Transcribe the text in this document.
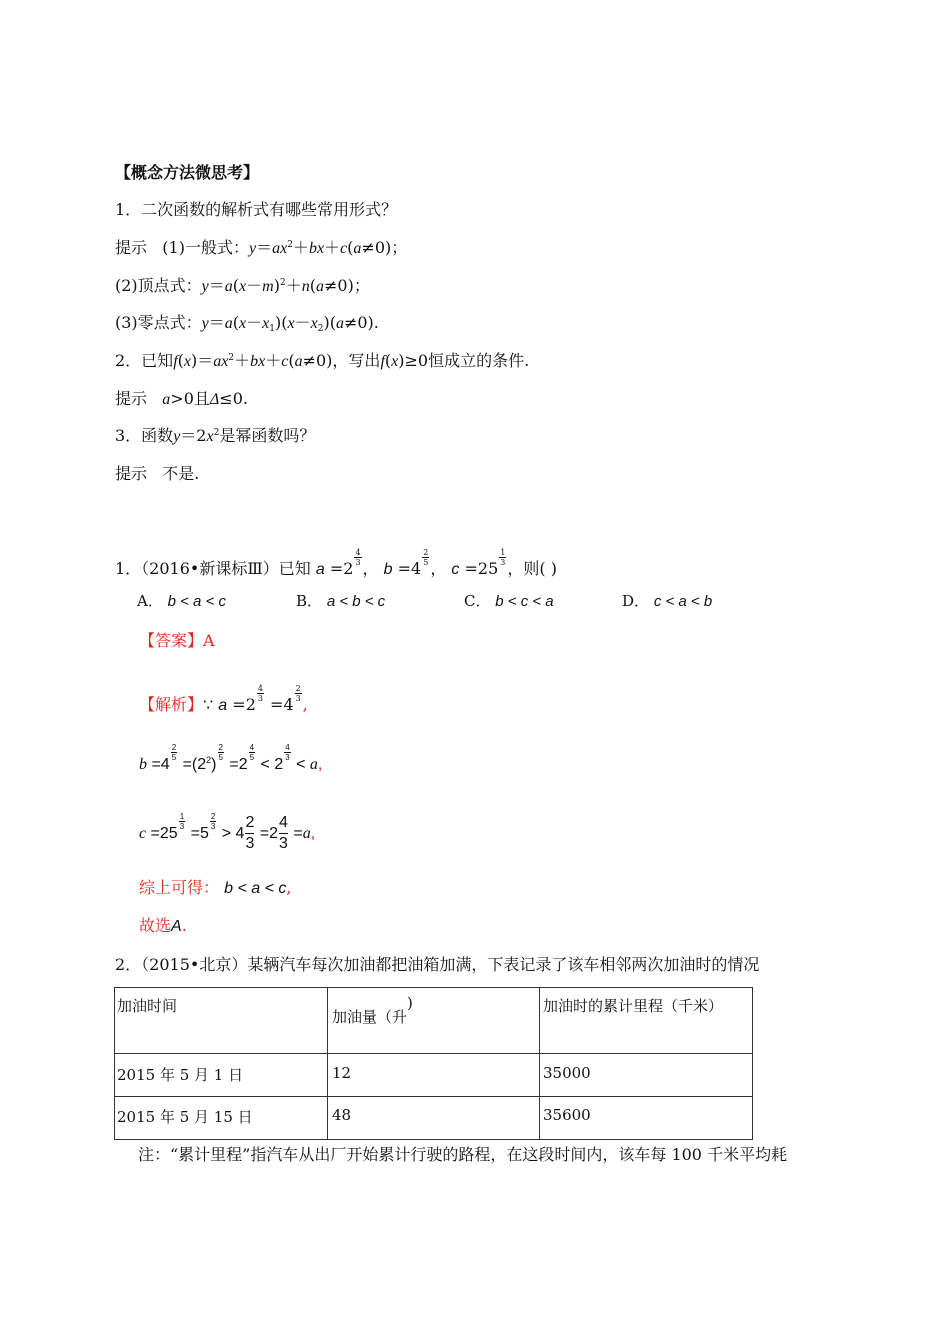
【概念方法微思考】
1．二次函数的解析式有哪些常用形式？
提示 (1)一般式：$y=ax^2+bx+c(a\ne 0)$；
(2)顶点式：$y=a(x-m)^2+n(a\ne 0)$；
(3)零点式：$y=a(x-x_1)(x-x_2)(a\ne 0)$.
2．已知$f(x)=ax^2+bx+c(a\ne 0)$，写出f(x)≥0恒成立的条件.
提示 a>0且Δ≤0.
3．函数$y=2x^2$是幂函数吗？
提示 不是.
1．（2016•新课标Ⅲ）已知 a =2
$\frac{4}{3}$
， b =4
$\frac{2}{5}$
， c =25
$\frac{1}{3}$
，则( )
A． b < a < c	B． a < b < c	C． b < c < a	D． c < a < b
【答案】A
【解析】∵ a =2
$\frac{4}{3}$
=4
$\frac{2}{3}$
,
b =4
$\frac{2}{5}$
$=(2^2)$
$\frac{2}{5}$
=2
$\frac{4}{5}$
< 2
$\frac{4}{3}$
< a,
c =25
$\frac{1}{3}$
=5
$\frac{2}{3}$
> $4 \frac{2}{3} =2 \frac{4}{3} =a$,
综上可得： b < a < c,
故选A.
2．（2015•北京）某辆汽车每次加油都把油箱加满，下表记录了该车相邻两次加油时的情况
加油时间	加油量（升)	加油时的累计里程（千米）

2015 年 5 月 1 日	12	35000

2015 年 5 月 15 日	48	35600
注：“累计里程”指汽车从出厂开始累计行驶的路程，在这段时间内，该车每 100 千米平均耗
